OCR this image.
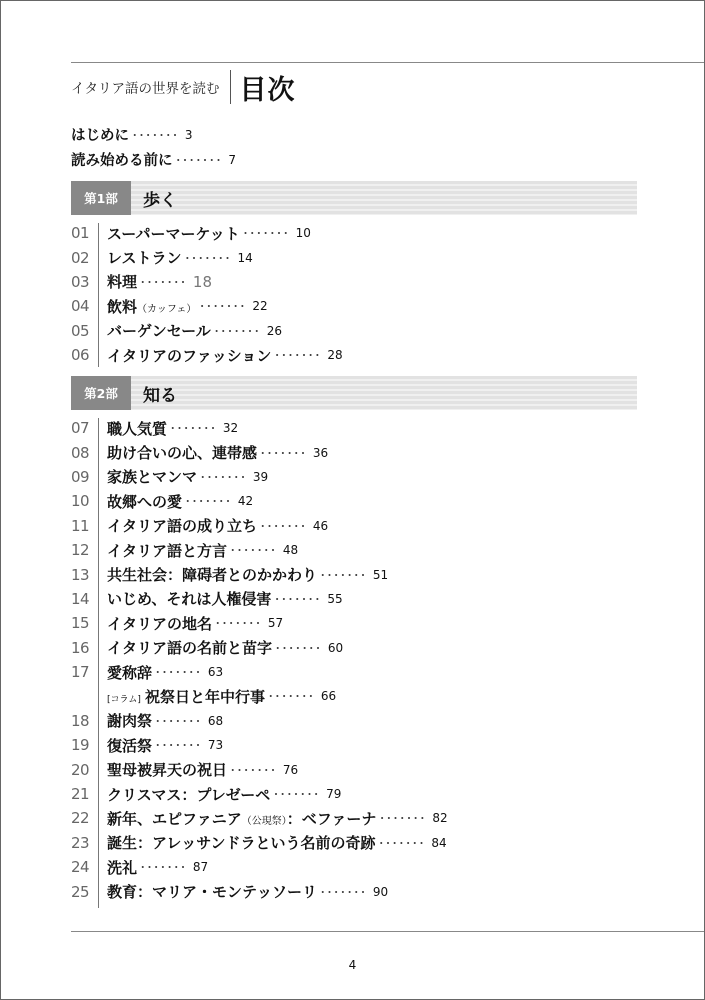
イタリア語の世界を読む 目次
はじめに ･･･････ 3
読み始める前に ･･･････ 7
第1部	歩く
01	スーパーマーケット ･･･････ 10
02	レストラン ･･･････ 14
03	料理 ･･･････ 18
04	飲料（カッフェ） ･･･････ 22
05	バーゲンセール ･･･････ 26
06	イタリアのファッション ･･･････ 28
第2部	知る
07	職人気質 ･･･････ 32
08	助け合いの心、連帯感 ･･･････ 36
09	家族とマンマ ･･･････ 39
10	故郷への愛 ･･･････ 42
11	イタリア語の成り立ち ･･･････ 46
12	イタリア語と方言 ･･･････ 48
13	共生社会：障碍者とのかかわり ･･･････ 51
14	いじめ、それは人権侵害 ･･･････ 55
15	イタリアの地名 ･･･････ 57
16	イタリア語の名前と苗字 ･･･････ 60
17	愛称辞 ･･･････ 63
[コラム] 祝祭日と年中行事 ･･･････ 66
18	謝肉祭 ･･･････ 68
19	復活祭 ･･･････ 73
20	聖母被昇天の祝日 ･･･････ 76
21	クリスマス：プレゼーペ ･･･････ 79
22	新年、エピファニア（公現祭）：ベファーナ ･･･････ 82
23	誕生：アレッサンドラという名前の奇跡 ･･･････ 84
24	洗礼 ･･･････ 87
25	教育：マリア・モンテッソーリ ･･･････ 90
4
